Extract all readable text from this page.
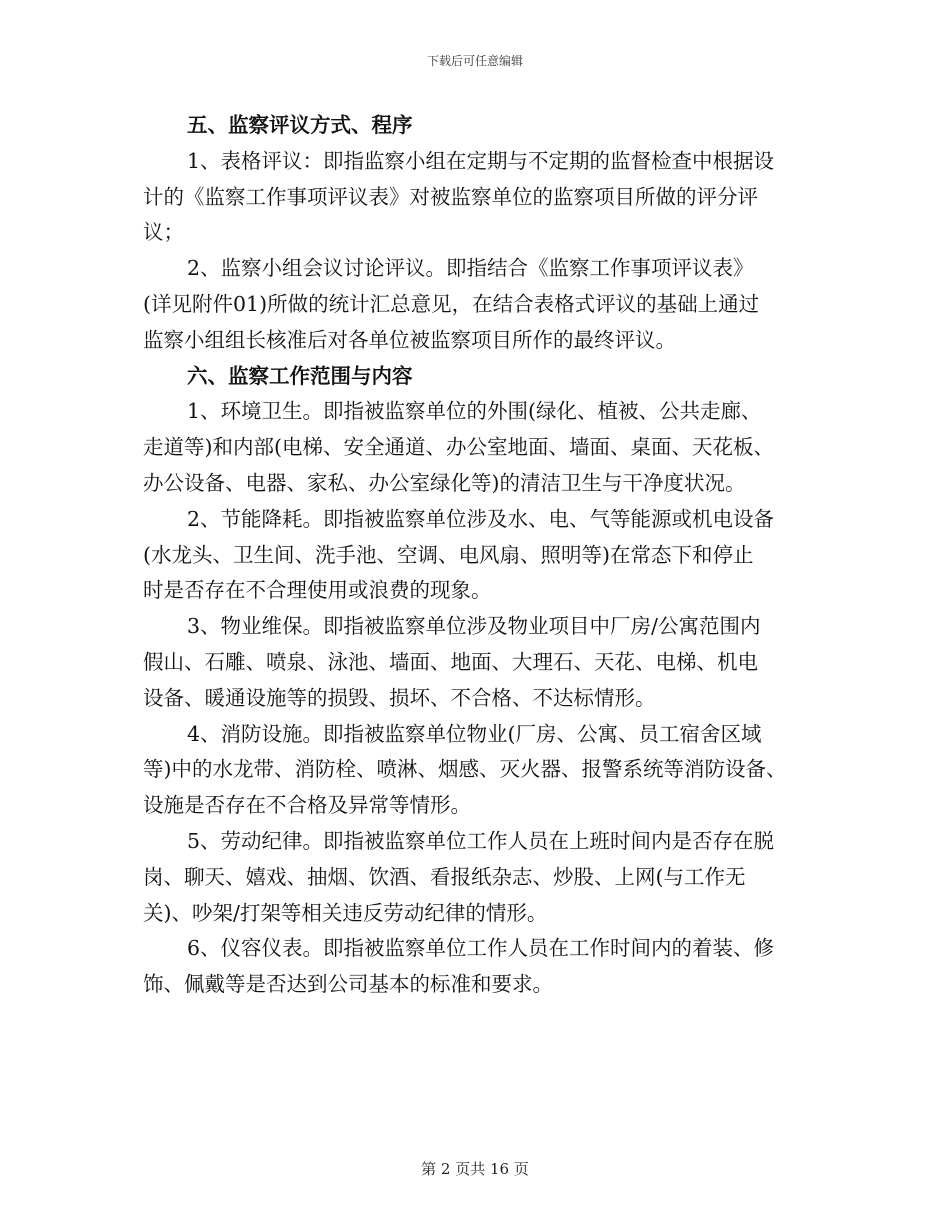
下载后可任意编辑
五、监察评议方式、程序
1、表格评议：即指监察小组在定期与不定期的监督检查中根据设
计的《监察工作事项评议表》对被监察单位的监察项目所做的评分评
议；
2、监察小组会议讨论评议。即指结合《监察工作事项评议表》
(详见附件01)所做的统计汇总意见，在结合表格式评议的基础上通过
监察小组组长核准后对各单位被监察项目所作的最终评议。
六、监察工作范围与内容
1、环境卫生。即指被监察单位的外围(绿化、植被、公共走廊、
走道等)和内部(电梯、安全通道、办公室地面、墙面、桌面、天花板、
办公设备、电器、家私、办公室绿化等)的清洁卫生与干净度状况。
2、节能降耗。即指被监察单位涉及水、电、气等能源或机电设备
(水龙头、卫生间、洗手池、空调、电风扇、照明等)在常态下和停止
时是否存在不合理使用或浪费的现象。
3、物业维保。即指被监察单位涉及物业项目中厂房/公寓范围内
假山、石雕、喷泉、泳池、墙面、地面、大理石、天花、电梯、机电
设备、暖通设施等的损毁、损坏、不合格、不达标情形。
4、消防设施。即指被监察单位物业(厂房、公寓、员工宿舍区域
等)中的水龙带、消防栓、喷淋、烟感、灭火器、报警系统等消防设备、
设施是否存在不合格及异常等情形。
5、劳动纪律。即指被监察单位工作人员在上班时间内是否存在脱
岗、聊天、嬉戏、抽烟、饮酒、看报纸杂志、炒股、上网(与工作无
关)、吵架/打架等相关违反劳动纪律的情形。
6、仪容仪表。即指被监察单位工作人员在工作时间内的着装、修
饰、佩戴等是否达到公司基本的标准和要求。
第 2 页共 16 页
